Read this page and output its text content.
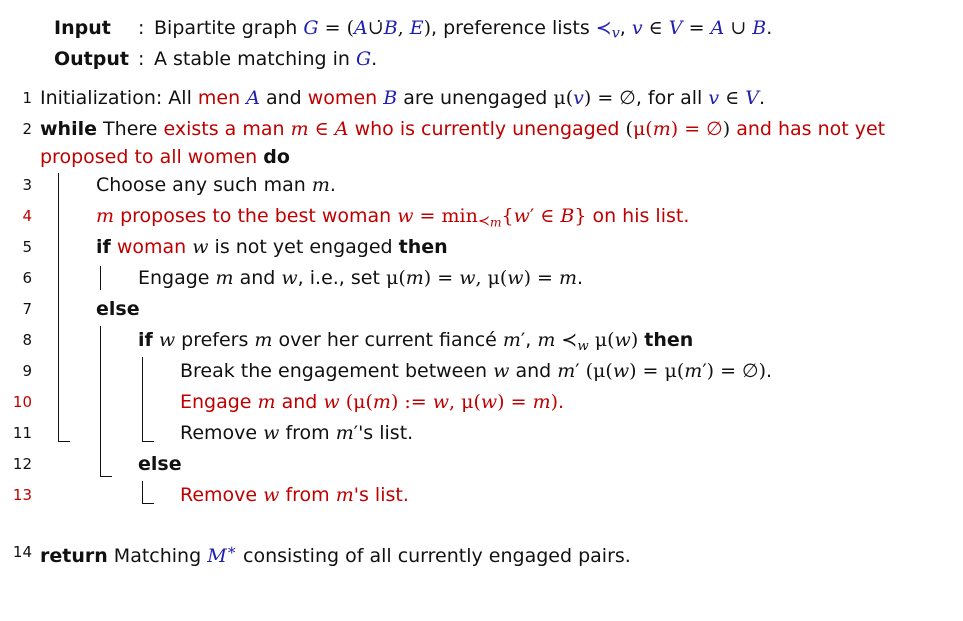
Input	: Bipartite graph G = (A∪̇B, E), preference lists ≺v, v ∈ V = A ∪ B.
Output : A stable matching in G.
1 Initialization: All men A and women B are unengaged μ(v) = ∅, for all v ∈ V.
2 while There exists a man m ∈ A who is currently unengaged (μ(m) = ∅) and has not yet proposed to all women do
3	Choose any such man m.
4	m proposes to the best woman $w = \min≺_m\{w'$ ∈ B} on his list.
5	if woman w is not yet engaged then
6	Engage m and w, i.e., set μ(m) = w, μ(w) = m.
7	else
8	if w prefers m over her current fiancé m′, m $≺_w$ μ(w) then
9	Break the engagement between w and m′ (μ(w) = μ(m′) = ∅).
10	Engage m and w (μ(m) := w, μ(w) = m).
11	Remove w from m′'s list.
12	else
13	Remove w from m's list.
14 return Matching M∗ consisting of all currently engaged pairs.
